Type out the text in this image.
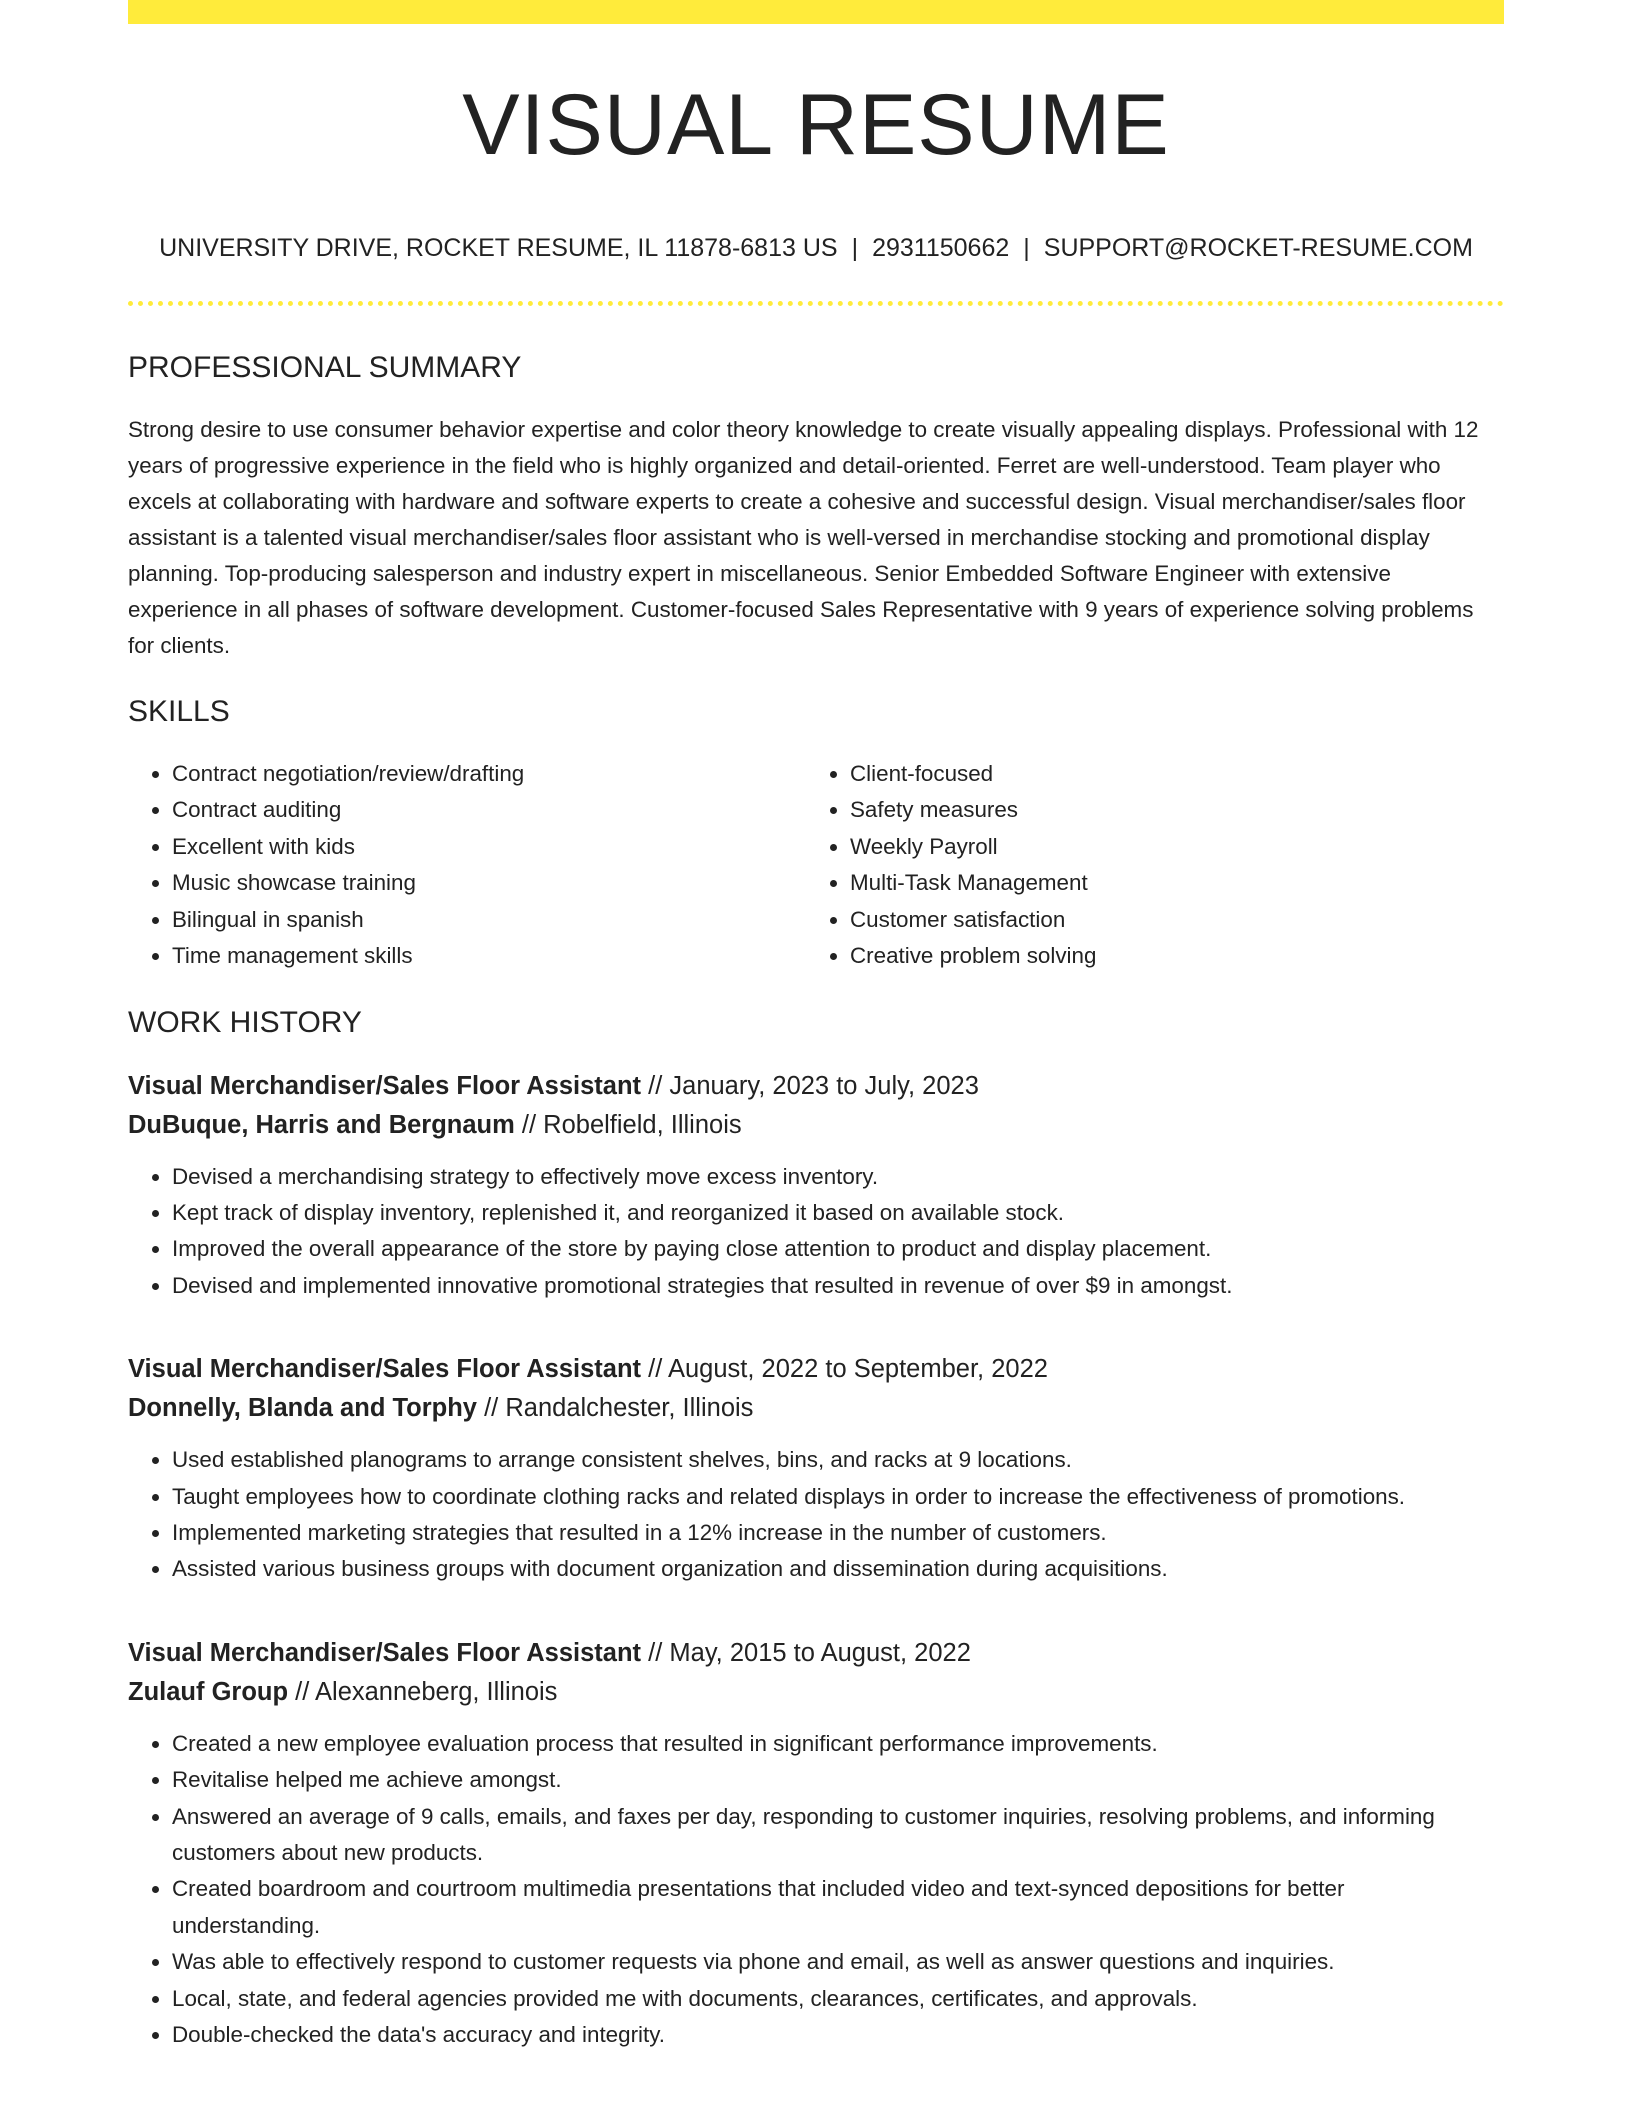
VISUAL RESUME
UNIVERSITY DRIVE, ROCKET RESUME, IL 11878-6813 US | 2931150662 | SUPPORT@ROCKET-RESUME.COM
PROFESSIONAL SUMMARY

Strong desire to use consumer behavior expertise and color theory knowledge to create visually appealing displays. Professional with 12 years of progressive experience in the field who is highly organized and detail-oriented. Ferret are well-understood. Team player who excels at collaborating with hardware and software experts to create a cohesive and successful design. Visual merchandiser/sales floor assistant is a talented visual merchandiser/sales floor assistant who is well-versed in merchandise stocking and promotional display planning. Top-producing salesperson and industry expert in miscellaneous. Senior Embedded Software Engineer with extensive experience in all phases of software development. Customer-focused Sales Representative with 9 years of experience solving problems for clients.

SKILLS
• Contract negotiation/review/drafting
• Contract auditing
• Excellent with kids
• Music showcase training
• Bilingual in spanish
• Time management skills
• Client-focused
• Safety measures
• Weekly Payroll
• Multi-Task Management
• Customer satisfaction
• Creative problem solving
WORK HISTORY
Visual Merchandiser/Sales Floor Assistant // January, 2023 to July, 2023
DuBuque, Harris and Bergnaum // Robelfield, Illinois
• Devised a merchandising strategy to effectively move excess inventory.
• Kept track of display inventory, replenished it, and reorganized it based on available stock.
• Improved the overall appearance of the store by paying close attention to product and display placement.
• Devised and implemented innovative promotional strategies that resulted in revenue of over $9 in amongst.
Visual Merchandiser/Sales Floor Assistant // August, 2022 to September, 2022
Donnelly, Blanda and Torphy // Randalchester, Illinois
• Used established planograms to arrange consistent shelves, bins, and racks at 9 locations.
• Taught employees how to coordinate clothing racks and related displays in order to increase the effectiveness of promotions.
• Implemented marketing strategies that resulted in a 12% increase in the number of customers.
• Assisted various business groups with document organization and dissemination during acquisitions.
Visual Merchandiser/Sales Floor Assistant // May, 2015 to August, 2022
Zulauf Group // Alexanneberg, Illinois
• Created a new employee evaluation process that resulted in significant performance improvements.
• Revitalise helped me achieve amongst.
• Answered an average of 9 calls, emails, and faxes per day, responding to customer inquiries, resolving problems, and informing customers about new products.
• Created boardroom and courtroom multimedia presentations that included video and text-synced depositions for better understanding.
• Was able to effectively respond to customer requests via phone and email, as well as answer questions and inquiries.
• Local, state, and federal agencies provided me with documents, clearances, certificates, and approvals.
• Double-checked the data's accuracy and integrity.
